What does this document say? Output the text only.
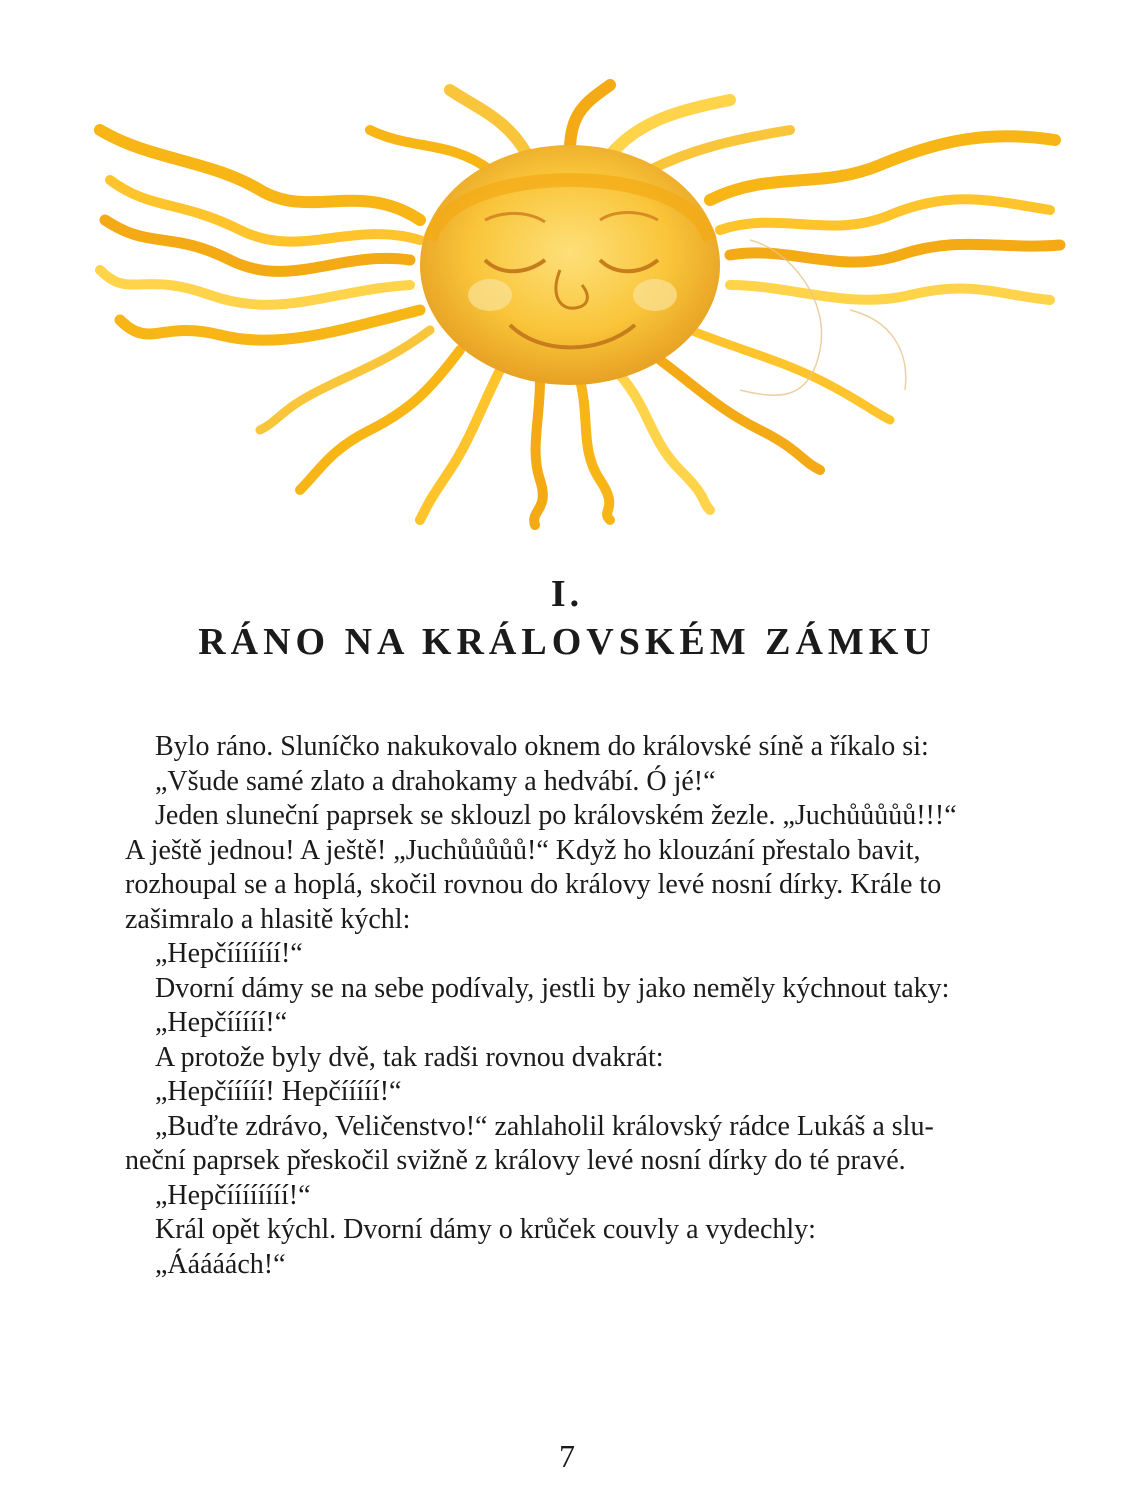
I.
RÁNO NA KRÁLOVSKÉM ZÁMKU
Bylo ráno. Sluníčko nakukovalo oknem do královské síně a říkalo si:
„Všude samé zlato a drahokamy a hedvábí. Ó jé!“
Jeden sluneční paprsek se sklouzl po královském žezle. „Juchůůůůů!!!“
A ještě jednou! A ještě! „Juchůůůůů!“ Když ho klouzání přestalo bavit,
rozhoupal se a hoplá, skočil rovnou do královy levé nosní dírky. Krále to
zašimralo a hlasitě kýchl:
„Hepčííííííí!“
Dvorní dámy se na sebe podívaly, jestli by jako neměly kýchnout taky:
„Hepčííííí!“
A protože byly dvě, tak radši rovnou dvakrát:
„Hepčííííí! Hepčííííí!“
„Buďte zdrávo, Veličenstvo!“ zahlaholil královský rádce Lukáš a slu-
neční paprsek přeskočil svižně z královy levé nosní dírky do té pravé.
„Hepčíííííííí!“
Král opět kýchl. Dvorní dámy o krůček couvly a vydechly:
„Ááááách!“
7
